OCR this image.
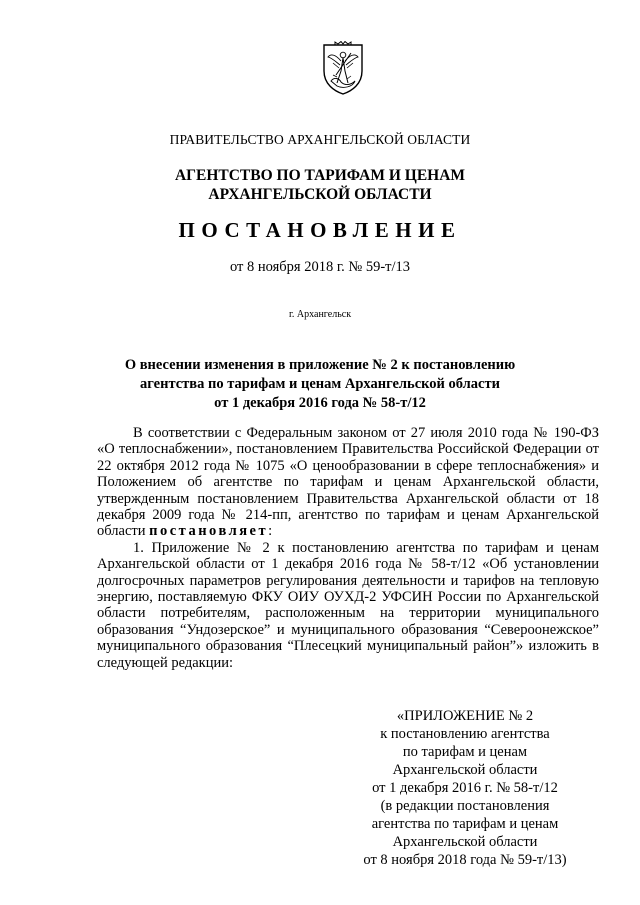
ПРАВИТЕЛЬСТВО АРХАНГЕЛЬСКОЙ ОБЛАСТИ
АГЕНТСТВО ПО ТАРИФАМ И ЦЕНАМ
АРХАНГЕЛЬСКОЙ ОБЛАСТИ
ПОСТАНОВЛЕНИЕ
от 8 ноября 2018 г. № 59-т/13
г. Архангельск
О внесении изменения в приложение № 2 к постановлению
агентства по тарифам и ценам Архангельской области
от 1 декабря 2016 года № 58-т/12

В соответствии с Федеральным законом от 27 июля 2010 года № 190-ФЗ «О теплоснабжении», постановлением Правительства Российской Федерации от 22 октября 2012 года № 1075 «О ценообразовании в сфере теплоснабжения» и Положением об агентстве по тарифам и ценам Архангельской области, утвержденным постановлением Правительства Архангельской области от 18 декабря 2009 года № 214-пп, агентство по тарифам и ценам Архангельской области постановляет:

1. Приложение № 2 к постановлению агентства по тарифам и ценам Архангельской области от 1 декабря 2016 года № 58-т/12 «Об установлении долгосрочных параметров регулирования деятельности и тарифов на тепловую энергию, поставляемую ФКУ ОИУ ОУХД-2 УФСИН России по Архангельской области потребителям, расположенным на территории муниципального образования “Ундозерское” и муниципального образования “Североонежское” муниципального образования “Плесецкий муниципальный район”» изложить в следующей редакции:

«ПРИЛОЖЕНИЕ № 2
к постановлению агентства
по тарифам и ценам
Архангельской области
от 1 декабря 2016 г. № 58-т/12
(в редакции постановления
агентства по тарифам и ценам
Архангельской области
от 8 ноября 2018 года № 59-т/13)
